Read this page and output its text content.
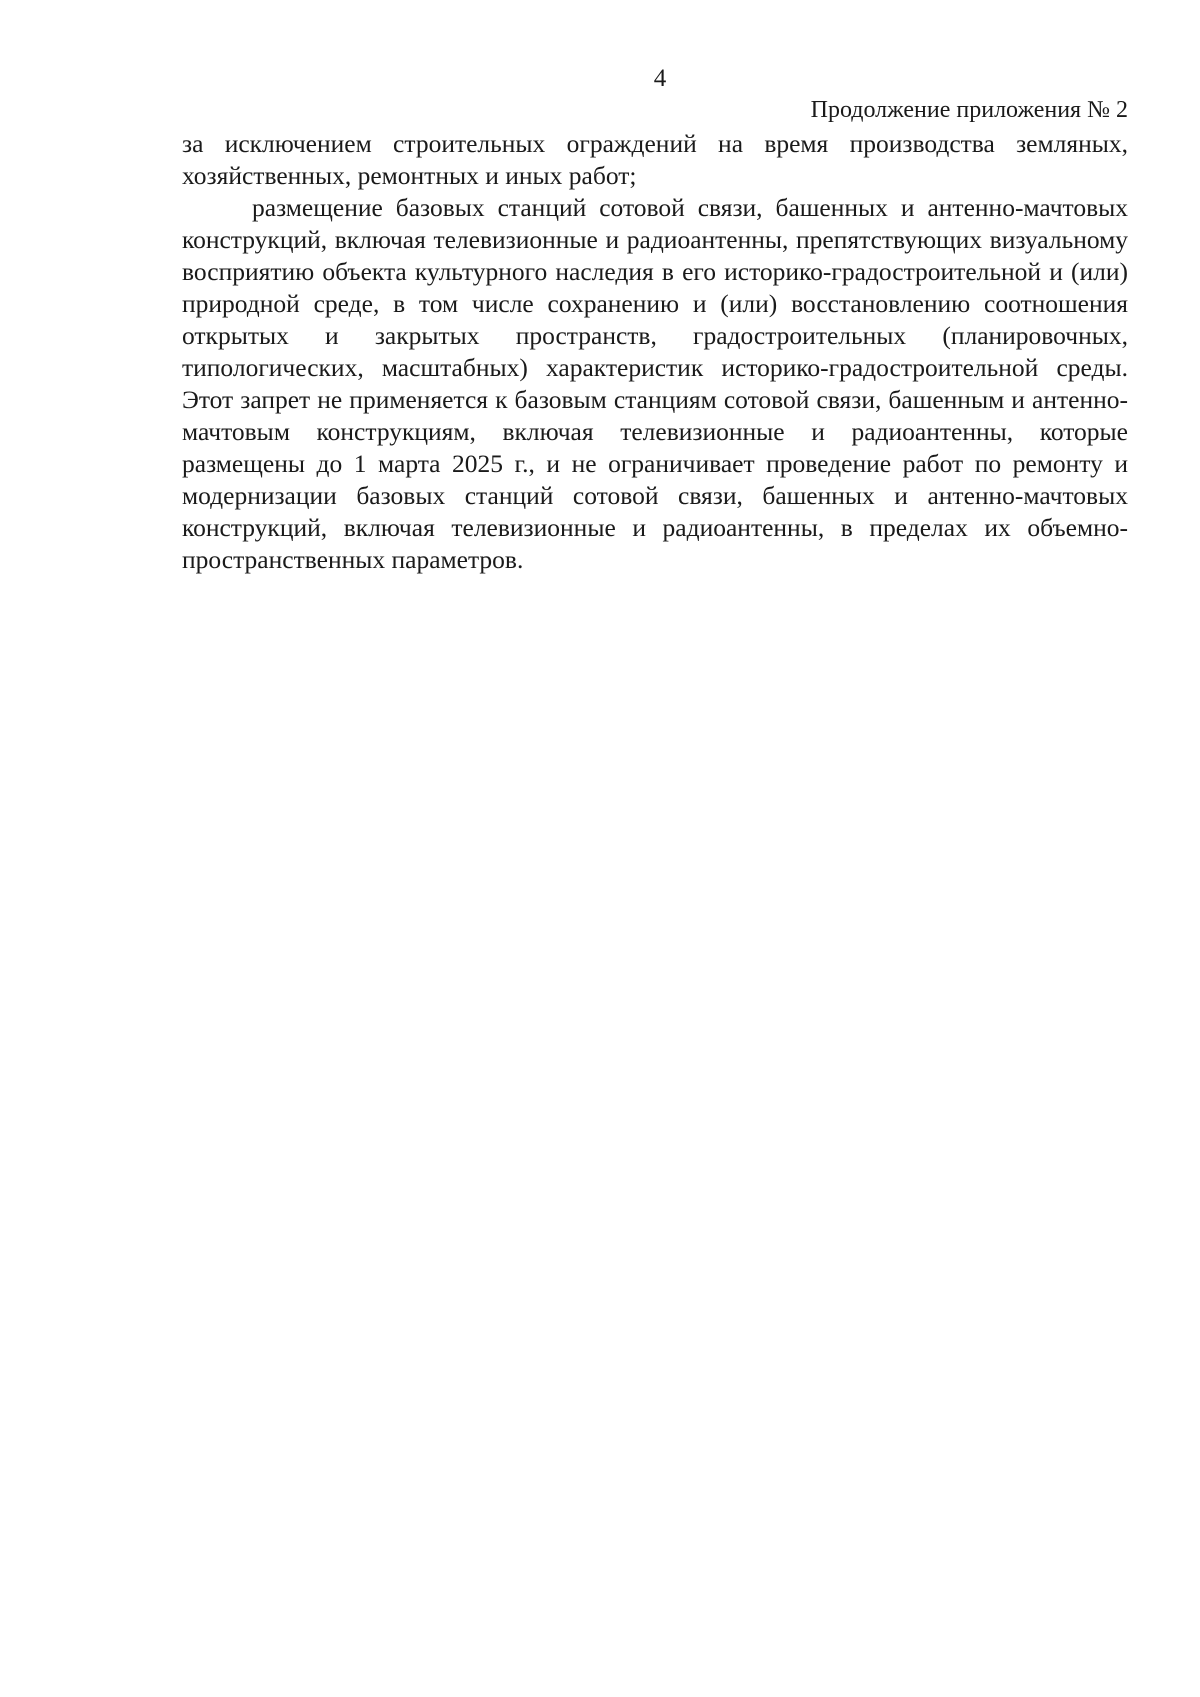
4
Продолжение приложения № 2

за исключением строительных ограждений на время производства земляных, хозяйственных, ремонтных и иных работ;

размещение базовых станций сотовой связи, башенных и антенно-мачтовых конструкций, включая телевизионные и радиоантенны, препятствующих визуальному восприятию объекта культурного наследия в его историко-градостроительной и (или) природной среде, в том числе сохранению и (или) восстановлению соотношения открытых и закрытых пространств, градостроительных (планировочных, типологических, масштабных) характеристик историко-градостроительной среды. Этот запрет не применяется к базовым станциям сотовой связи, башенным и антенно-мачтовым конструкциям, включая телевизионные и радиоантенны, которые размещены до 1 марта 2025 г., и не ограничивает проведение работ по ремонту и модернизации базовых станций сотовой связи, башенных и антенно-мачтовых конструкций, включая телевизионные и радиоантенны, в пределах их объемно-пространственных параметров.
